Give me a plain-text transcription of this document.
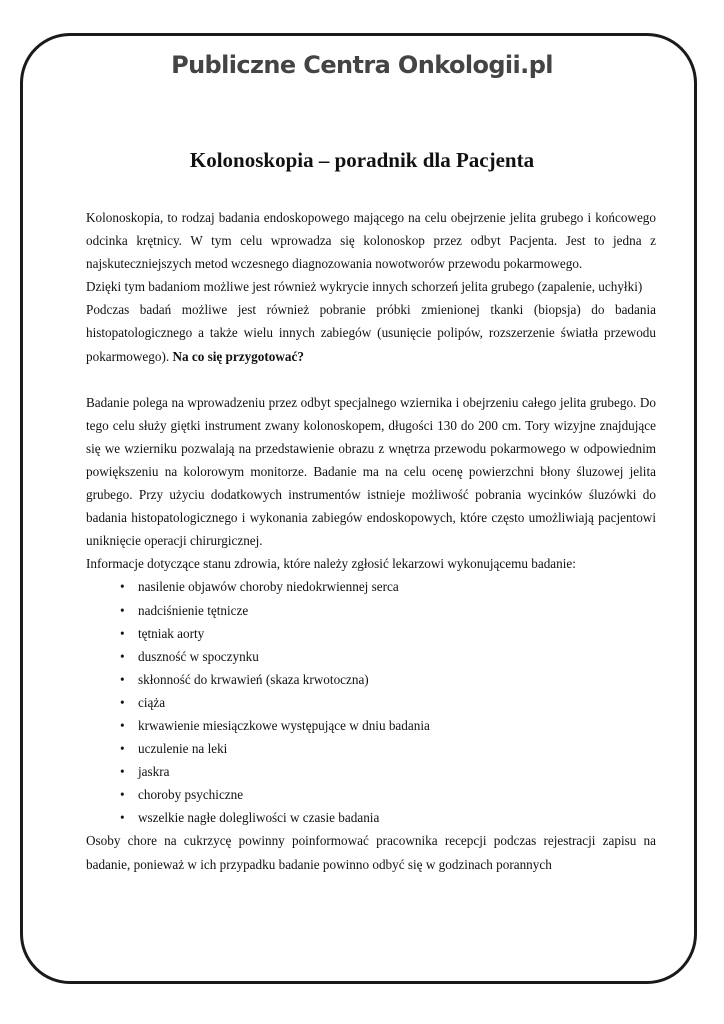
Publiczne Centra Onkologii.pl
Kolonoskopia – poradnik dla Pacjenta

Kolonoskopia, to rodzaj badania endoskopowego mającego na celu obejrzenie jelita grubego i końcowego odcinka krętnicy. W tym celu wprowadza się kolonoskop przez odbyt Pacjenta. Jest to jedna z najskuteczniejszych metod wczesnego diagnozowania nowotworów przewodu pokarmowego.

Dzięki tym badaniom możliwe jest również wykrycie innych schorzeń jelita grubego (zapalenie, uchyłki)

Podczas badań możliwe jest również pobranie próbki zmienionej tkanki (biopsja) do badania histopatologicznego a także wielu innych zabiegów (usunięcie polipów, rozszerzenie światła przewodu pokarmowego). Na co się przygotować?

Badanie polega na wprowadzeniu przez odbyt specjalnego wziernika i obejrzeniu całego jelita grubego. Do tego celu służy giętki instrument zwany kolonoskopem, długości 130 do 200 cm. Tory wizyjne znajdujące się we wzierniku pozwalają na przedstawienie obrazu z wnętrza przewodu pokarmowego w odpowiednim powiększeniu na kolorowym monitorze. Badanie ma na celu ocenę powierzchni błony śluzowej jelita grubego. Przy użyciu dodatkowych instrumentów istnieje możliwość pobrania wycinków śluzówki do badania histopatologicznego i wykonania zabiegów endoskopowych, które często umożliwiają pacjentowi uniknięcie operacji chirurgicznej.

Informacje dotyczące stanu zdrowia, które należy zgłosić lekarzowi wykonującemu badanie:

• nasilenie objawów choroby niedokrwiennej serca
• nadciśnienie tętnicze
• tętniak aorty
• duszność w spoczynku
• skłonność do krwawień (skaza krwotoczna)
• ciąża
• krwawienie miesiączkowe występujące w dniu badania
• uczulenie na leki
• jaskra
• choroby psychiczne
• wszelkie nagłe dolegliwości w czasie badania

Osoby chore na cukrzycę powinny poinformować pracownika recepcji podczas rejestracji zapisu na badanie, ponieważ w ich przypadku badanie powinno odbyć się w godzinach porannych
